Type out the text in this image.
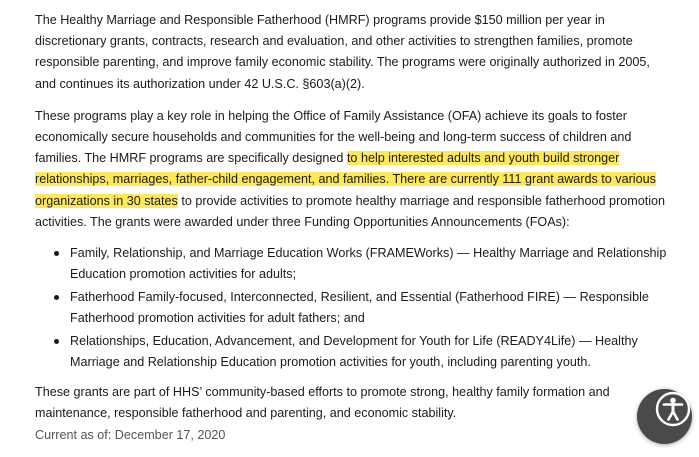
The Healthy Marriage and Responsible Fatherhood (HMRF) programs provide $150 million per year in discretionary grants, contracts, research and evaluation, and other activities to strengthen families, promote responsible parenting, and improve family economic stability. The programs were originally authorized in 2005, and continues its authorization under 42 U.S.C. §603(a)(2).

These programs play a key role in helping the Office of Family Assistance (OFA) achieve its goals to foster economically secure households and communities for the well-being and long-term success of children and families. The HMRF programs are specifically designed to help interested adults and youth build stronger relationships, marriages, father-child engagement, and families. There are currently 111 grant awards to various organizations in 30 states to provide activities to promote healthy marriage and responsible fatherhood promotion activities. The grants were awarded under three Funding Opportunities Announcements (FOAs):

Family, Relationship, and Marriage Education Works (FRAMEWorks) — Healthy Marriage and Relationship Education promotion activities for adults;
Fatherhood Family-focused, Interconnected, Resilient, and Essential (Fatherhood FIRE) — Responsible Fatherhood promotion activities for adult fathers; and
Relationships, Education, Advancement, and Development for Youth for Life (READY4Life) — Healthy Marriage and Relationship Education promotion activities for youth, including parenting youth.

These grants are part of HHS’ community-based efforts to promote strong, healthy family formation and maintenance, responsible fatherhood and parenting, and economic stability.

Current as of: December 17, 2020
